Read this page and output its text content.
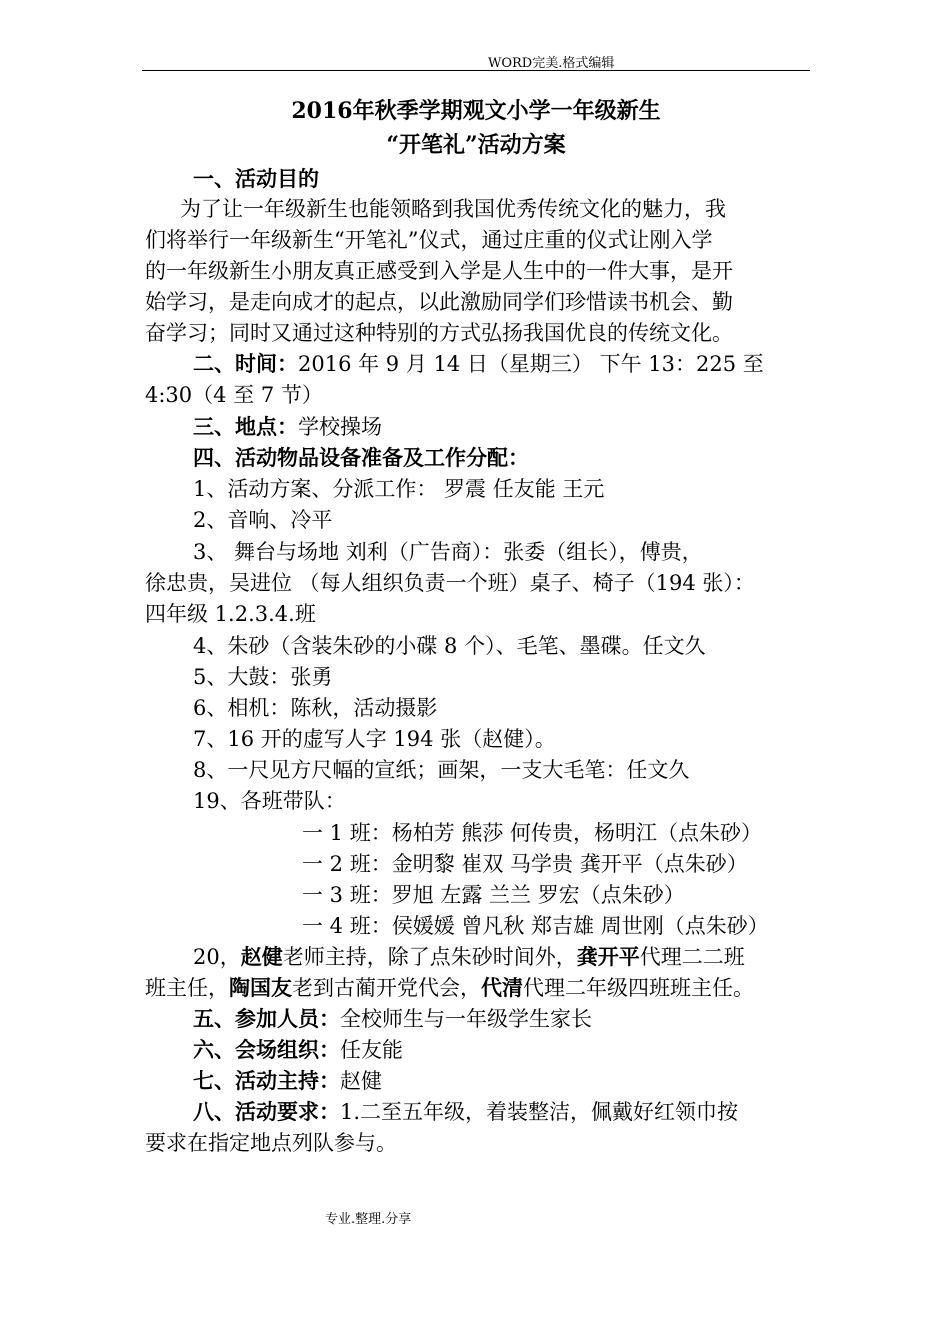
WORD完美.格式编辑
2016年秋季学期观文小学一年级新生
“开笔礼”活动方案
一、活动目的
为了让一年级新生也能领略到我国优秀传统文化的魅力，我
们将举行一年级新生“开笔礼”仪式，通过庄重的仪式让刚入学
的一年级新生小朋友真正感受到入学是人生中的一件大事，是开
始学习，是走向成才的起点，以此激励同学们珍惜读书机会、勤
奋学习；同时又通过这种特别的方式弘扬我国优良的传统文化。
二、时间：2016 年 9 月 14 日（星期三） 下午 13：225 至
4:30（4 至 7 节）
三、地点：学校操场
四、活动物品设备准备及工作分配：
1、活动方案、分派工作： 罗震 任友能 王元
2、音响、冷平
3、 舞台与场地 刘利（广告商）：张委（组长），傅贵，
徐忠贵，吴进位 （每人组织负责一个班）桌子、椅子（194 张）：
四年级 1.2.3.4.班
4、朱砂（含装朱砂的小碟 8 个）、毛笔、墨碟。任文久
5、大鼓：张勇
6、相机：陈秋，活动摄影
7、16 开的虚写人字 194 张（赵健）。
8、一尺见方尺幅的宣纸；画架，一支大毛笔：任文久
19、各班带队：
一 1 班：杨柏芳 熊莎 何传贵，杨明江（点朱砂）
一 2 班：金明黎 崔双 马学贵 龚开平（点朱砂）
一 3 班：罗旭 左露 兰兰 罗宏（点朱砂）
一 4 班：侯媛媛 曾凡秋 郑吉雄 周世刚（点朱砂）
20，赵健老师主持，除了点朱砂时间外，龚开平代理二二班
班主任，陶国友老到古蔺开党代会，代清代理二年级四班班主任。
五、参加人员：全校师生与一年级学生家长
六、会场组织：任友能
七、活动主持：赵健
八、活动要求：1.二至五年级，着装整洁，佩戴好红领巾按
要求在指定地点列队参与。
专业.整理.分享
